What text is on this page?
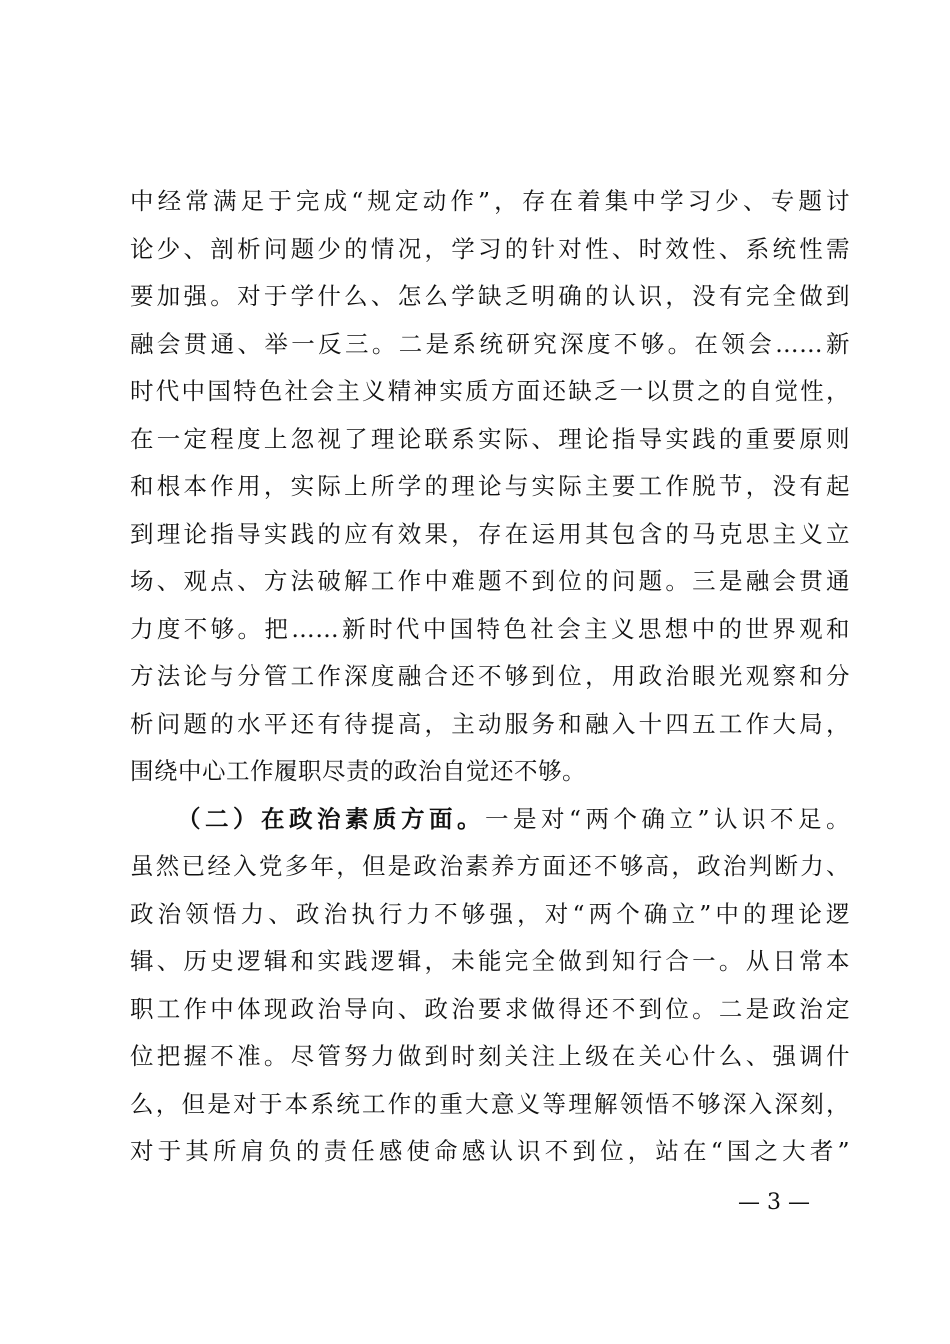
中经常满足于完成“规定动作”，存在着集中学习少、专题讨
论少、剖析问题少的情况，学习的针对性、时效性、系统性需
要加强。对于学什么、怎么学缺乏明确的认识，没有完全做到
融会贯通、举一反三。二是系统研究深度不够。在领会……新
时代中国特色社会主义精神实质方面还缺乏一以贯之的自觉性，
在一定程度上忽视了理论联系实际、理论指导实践的重要原则
和根本作用，实际上所学的理论与实际主要工作脱节，没有起
到理论指导实践的应有效果，存在运用其包含的马克思主义立
场、观点、方法破解工作中难题不到位的问题。三是融会贯通
力度不够。把……新时代中国特色社会主义思想中的世界观和
方法论与分管工作深度融合还不够到位，用政治眼光观察和分
析问题的水平还有待提高，主动服务和融入十四五工作大局，
围绕中心工作履职尽责的政治自觉还不够。
（二）在政治素质方面。一是对“两个确立”认识不足。
虽然已经入党多年，但是政治素养方面还不够高，政治判断力、
政治领悟力、政治执行力不够强，对“两个确立”中的理论逻
辑、历史逻辑和实践逻辑，未能完全做到知行合一。从日常本
职工作中体现政治导向、政治要求做得还不到位。二是政治定
位把握不准。尽管努力做到时刻关注上级在关心什么、强调什
么，但是对于本系统工作的重大意义等理解领悟不够深入深刻，
对于其所肩负的责任感使命感认识不到位，站在“国之大者”
— 3 —
